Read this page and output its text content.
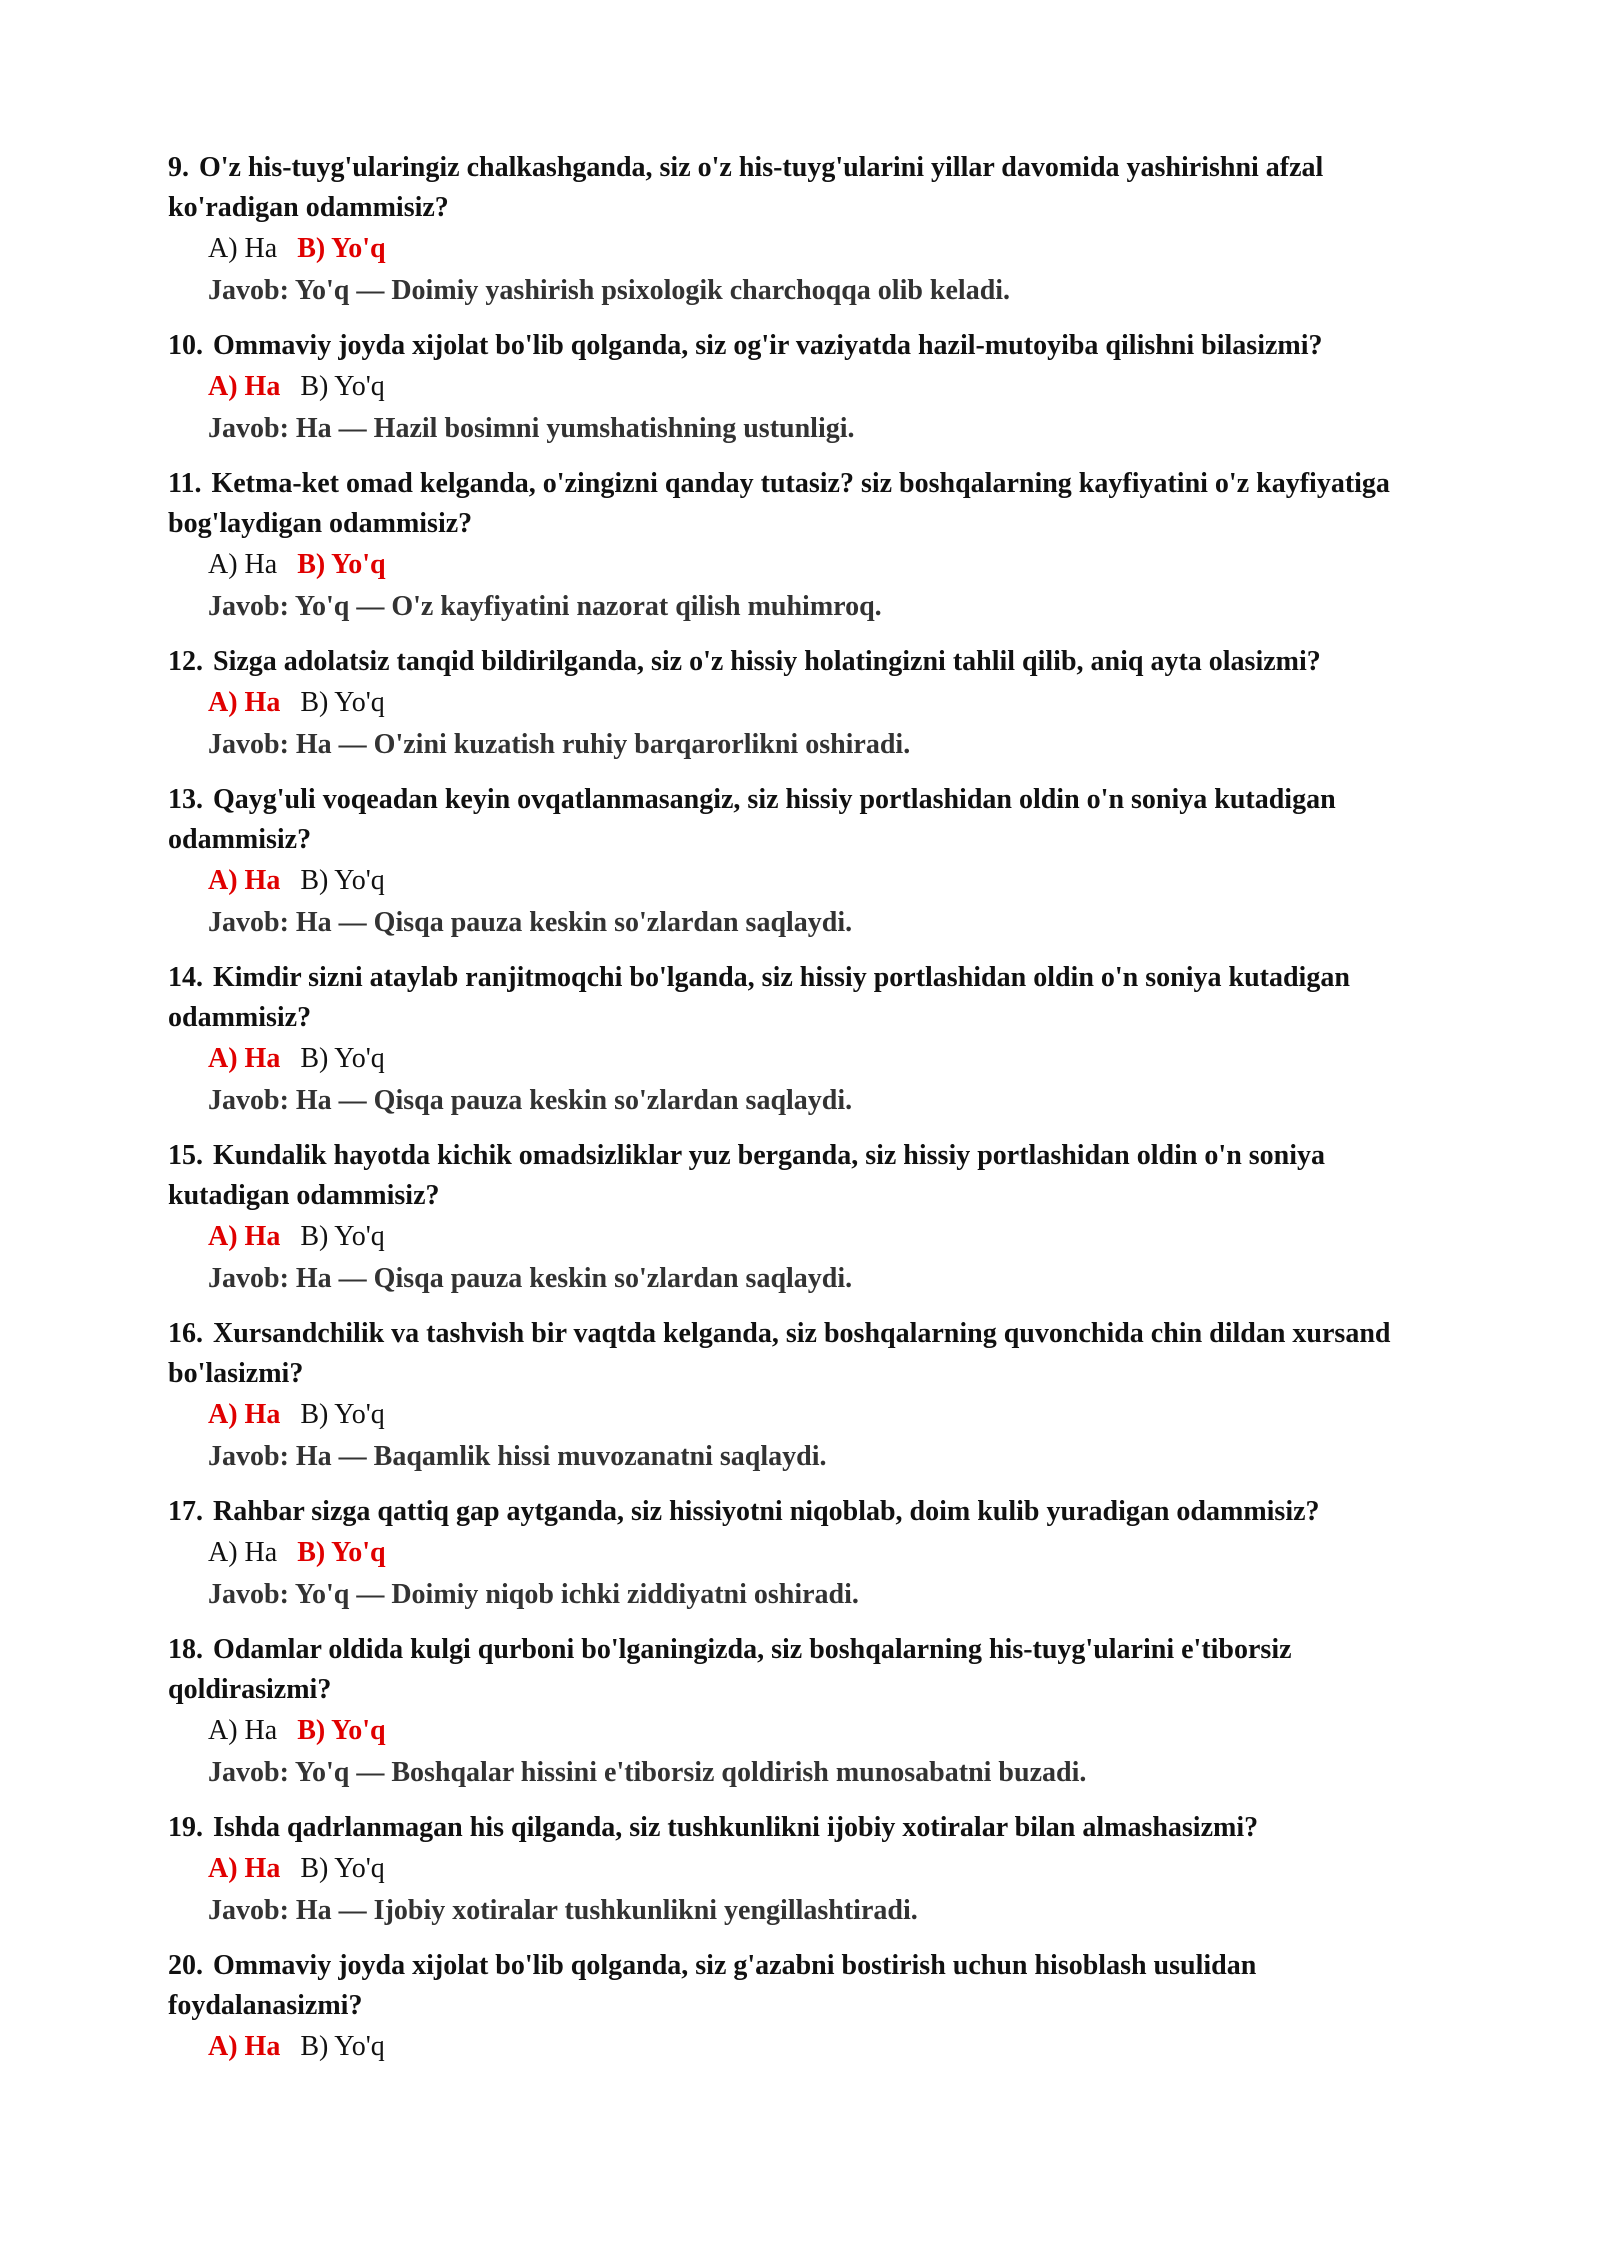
9. O'z his-tuyg'ularingiz chalkashganda, siz o'z his-tuyg'ularini yillar davomida yashirishni afzal ko'radigan odammisiz?
A) Ha B) Yo'q
Javob: Yo'q — Doimiy yashirish psixologik charchoqqa olib keladi.
10. Ommaviy joyda xijolat bo'lib qolganda, siz og'ir vaziyatda hazil-mutoyiba qilishni bilasizmi?
A) Ha B) Yo'q
Javob: Ha — Hazil bosimni yumshatishning ustunligi.
11. Ketma-ket omad kelganda, o'zingizni qanday tutasiz? siz boshqalarning kayfiyatini o'z kayfiyatiga bog'laydigan odammisiz?
A) Ha B) Yo'q
Javob: Yo'q — O'z kayfiyatini nazorat qilish muhimroq.
12. Sizga adolatsiz tanqid bildirilganda, siz o'z hissiy holatingizni tahlil qilib, aniq ayta olasizmi?
A) Ha B) Yo'q
Javob: Ha — O'zini kuzatish ruhiy barqarorlikni oshiradi.
13. Qayg'uli voqeadan keyin ovqatlanmasangiz, siz hissiy portlashidan oldin o'n soniya kutadigan odammisiz?
A) Ha B) Yo'q
Javob: Ha — Qisqa pauza keskin so'zlardan saqlaydi.
14. Kimdir sizni ataylab ranjitmoqchi bo'lganda, siz hissiy portlashidan oldin o'n soniya kutadigan odammisiz?
A) Ha B) Yo'q
Javob: Ha — Qisqa pauza keskin so'zlardan saqlaydi.
15. Kundalik hayotda kichik omadsizliklar yuz berganda, siz hissiy portlashidan oldin o'n soniya kutadigan odammisiz?
A) Ha B) Yo'q
Javob: Ha — Qisqa pauza keskin so'zlardan saqlaydi.
16. Xursandchilik va tashvish bir vaqtda kelganda, siz boshqalarning quvonchida chin dildan xursand bo'lasizmi?
A) Ha B) Yo'q
Javob: Ha — Baqamlik hissi muvozanatni saqlaydi.
17. Rahbar sizga qattiq gap aytganda, siz hissiyotni niqoblab, doim kulib yuradigan odammisiz?
A) Ha B) Yo'q
Javob: Yo'q — Doimiy niqob ichki ziddiyatni oshiradi.
18. Odamlar oldida kulgi qurboni bo'lganingizda, siz boshqalarning his-tuyg'ularini e'tiborsiz qoldirasizmi?
A) Ha B) Yo'q
Javob: Yo'q — Boshqalar hissini e'tiborsiz qoldirish munosabatni buzadi.
19. Ishda qadrlanmagan his qilganda, siz tushkunlikni ijobiy xotiralar bilan almashasizmi?
A) Ha B) Yo'q
Javob: Ha — Ijobiy xotiralar tushkunlikni yengillashtiradi.
20. Ommaviy joyda xijolat bo'lib qolganda, siz g'azabni bostirish uchun hisoblash usulidan foydalanasizmi?
A) Ha B) Yo'q
